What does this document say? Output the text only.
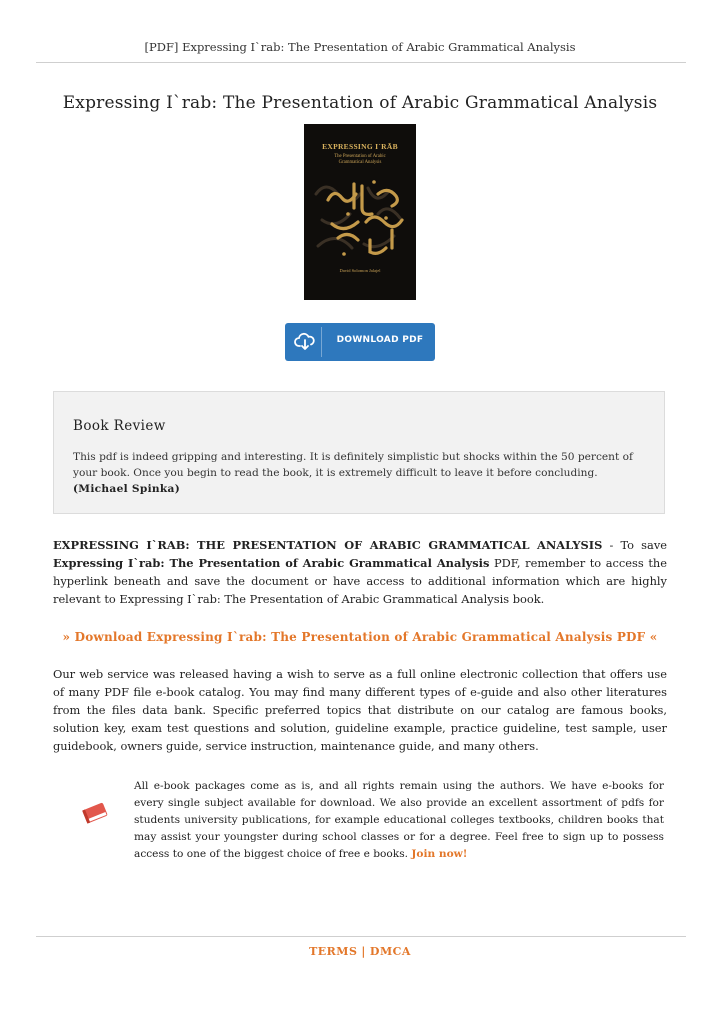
[PDF] Expressing I`rab: The Presentation of Arabic Grammatical Analysis
Expressing I`rab: The Presentation of Arabic Grammatical Analysis
EXPRESSING I`RĀB
The Presentation of Arabic
Grammatical Analysis
David Solomon Jalajel
DOWNLOAD PDF
Book Review
This pdf is indeed gripping and interesting. It is definitely simplistic but shocks within the 50 percent of your book. Once you begin to read the book, it is extremely difficult to leave it before concluding.
(Michael Spinka)

EXPRESSING I`RAB: THE PRESENTATION OF ARABIC GRAMMATICAL ANALYSIS - To save Expressing I`rab: The Presentation of Arabic Grammatical Analysis PDF, remember to access the hyperlink beneath and save the document or have access to additional information which are highly relevant to Expressing I`rab: The Presentation of Arabic Grammatical Analysis book.

» Download Expressing I`rab: The Presentation of Arabic Grammatical Analysis PDF «

Our web service was released having a wish to serve as a full online electronic collection that offers use of many PDF file e-book catalog. You may find many different types of e-guide and also other literatures from the files data bank. Specific preferred topics that distribute on our catalog are famous books, solution key, exam test questions and solution, guideline example, practice guideline, test sample, user guidebook, owners guide, service instruction, maintenance guide, and many others.

All e-book packages come as is, and all rights remain using the authors. We have e-books for every single subject available for download. We also provide an excellent assortment of pdfs for students university publications, for example educational colleges textbooks, children books that may assist your youngster during school classes or for a degree. Feel free to sign up to possess access to one of the biggest choice of free e books. Join now!

TERMS | DMCA
